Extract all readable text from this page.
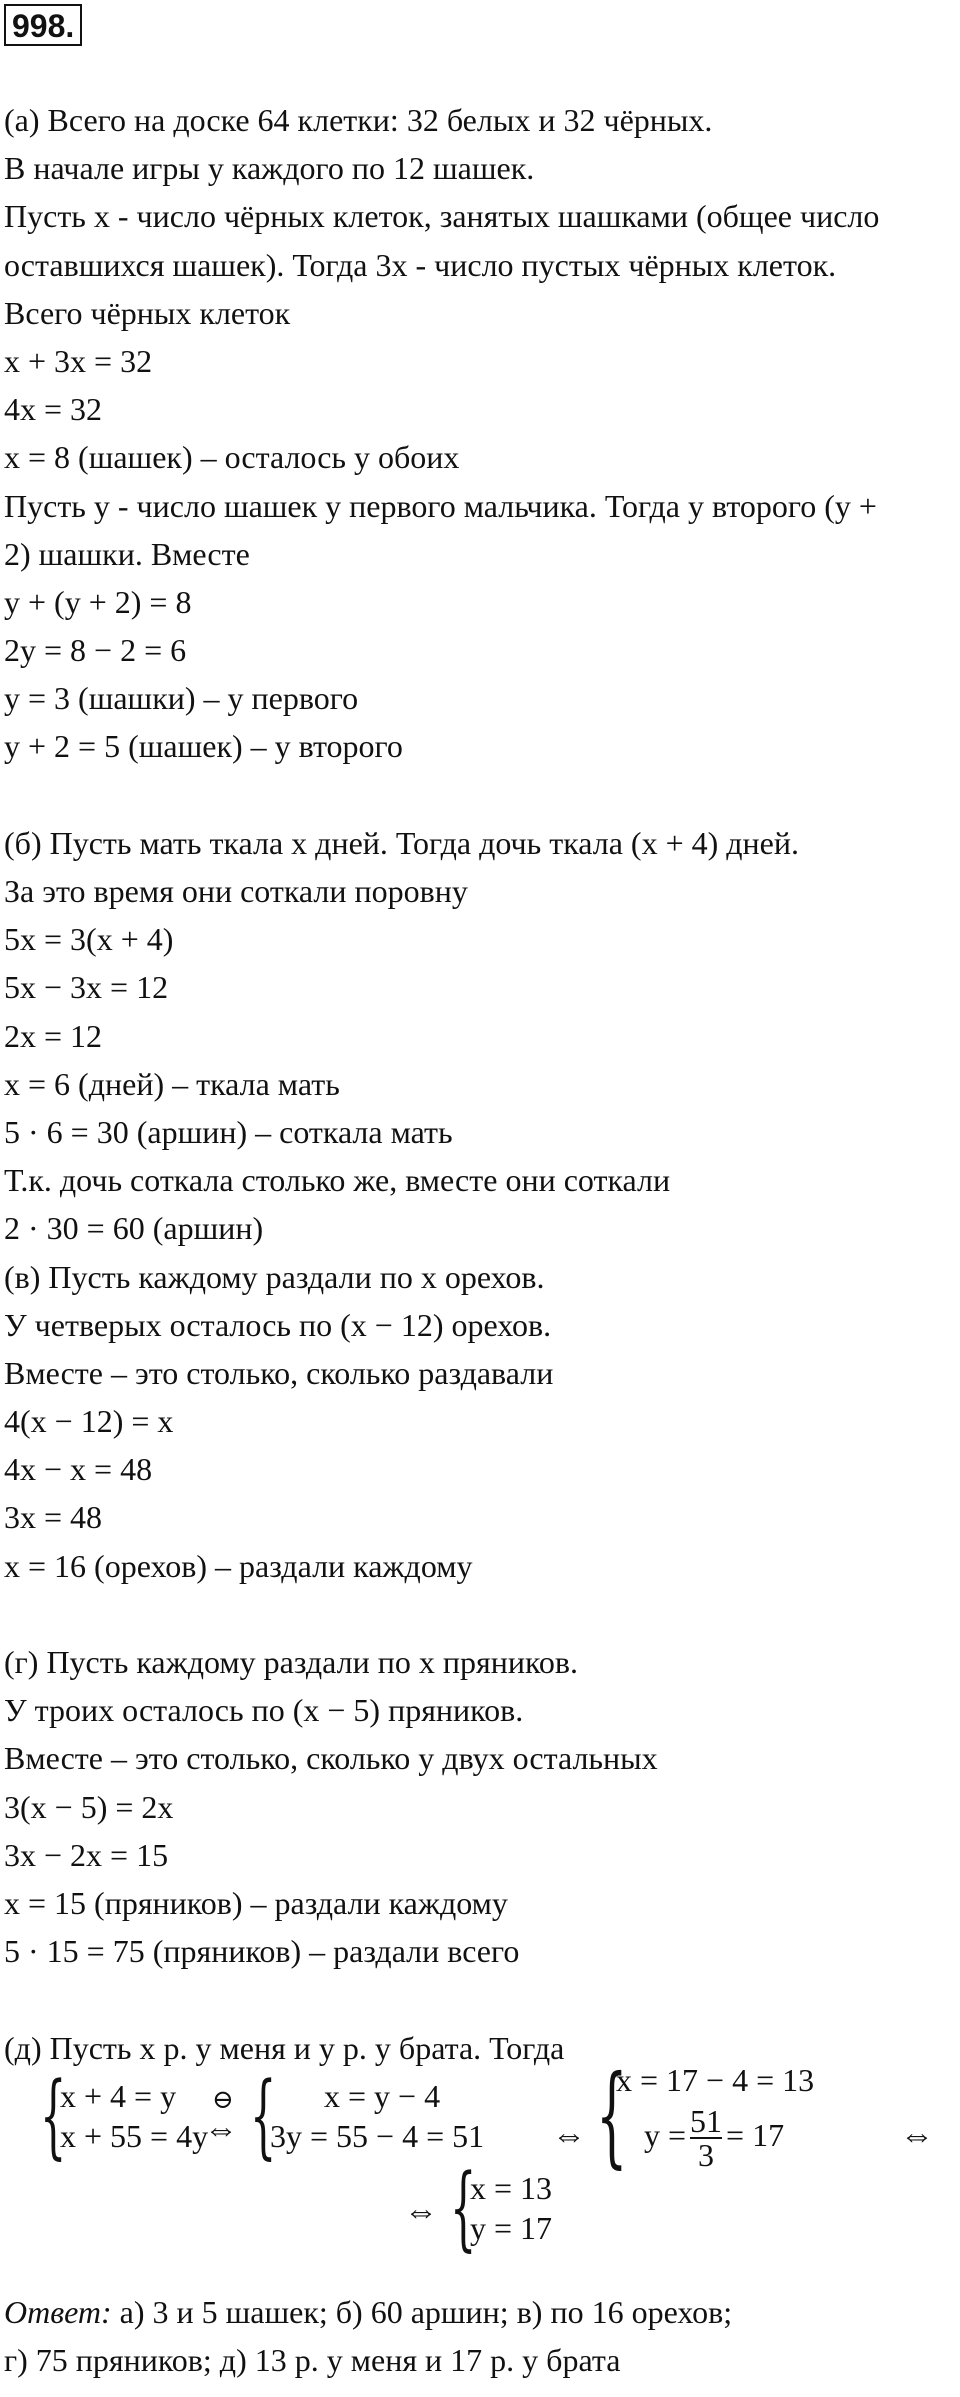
998.
(а) Всего на доске 64 клетки: 32 белых и 32 чёрных.
В начале игры у каждого по 12 шашек.
Пусть x - число чёрных клеток, занятых шашками (общее число
оставшихся шашек). Тогда 3x - число пустых чёрных клеток.
Всего чёрных клеток
x + 3x = 32
4x = 32
x = 8 (шашек) – осталось у обоих
Пусть y - число шашек у первого мальчика. Тогда у второго (y +
2) шашки. Вместе
y + (y + 2) = 8
2y = 8 − 2 = 6
y = 3 (шашки) – у первого
y + 2 = 5 (шашек) – у второго
(б) Пусть мать ткала x дней. Тогда дочь ткала (x + 4) дней.
За это время они соткали поровну
5x = 3(x + 4)
5x − 3x = 12
2x = 12
x = 6 (дней) – ткала мать
5 · 6 = 30 (аршин) – соткала мать
Т.к. дочь соткала столько же, вместе они соткали
2 · 30 = 60 (аршин)
(в) Пусть каждому раздали по x орехов.
У четверых осталось по (x − 12) орехов.
Вместе – это столько, сколько раздавали
4(x − 12) = x
4x − x = 48
3x = 48
x = 16 (орехов) – раздали каждому
(г) Пусть каждому раздали по x пряников.
У троих осталось по (x − 5) пряников.
Вместе – это столько, сколько у двух остальных
3(x − 5) = 2x
3x − 2x = 15
x = 15 (пряников) – раздали каждому
5 · 15 = 75 (пряников) – раздали всего
(д) Пусть x р. у меня и y р. у брата. Тогда
{
x + 4 = y
x + 55 = 4y
⊖
⇔ {	x = y − 4
3y = 55 − 4 = 51 ⇔ {
x = 17 − 4 = 13
$y = \frac{51}{3} = 17$	⇔
⇔ {
x = 13
y = 17
Ответ: а) 3 и 5 шашек; б) 60 аршин; в) по 16 орехов;
г) 75 пряников; д) 13 р. у меня и 17 р. у брата
